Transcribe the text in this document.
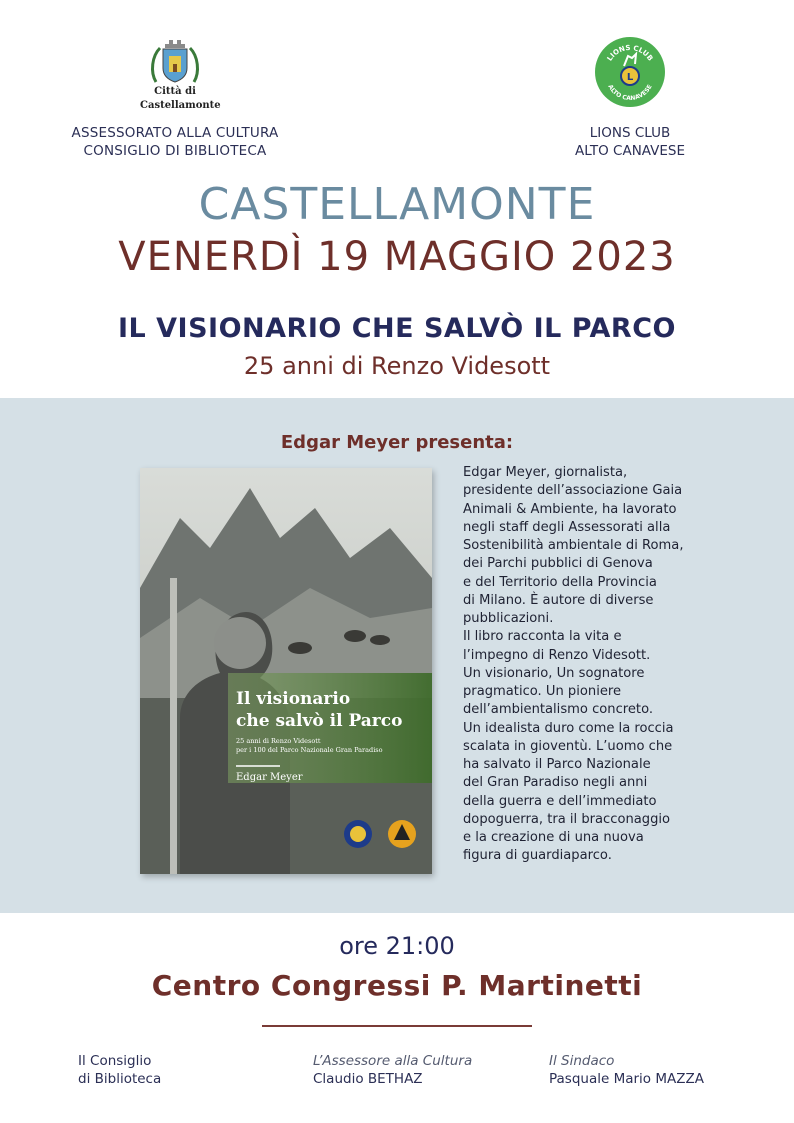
Città di
Castellamonte
ASSESSORATO ALLA CULTURA
CONSIGLIO DI BIBLIOTECA
LIONS CLUB
ALTO CANAVESE
L
LIONS CLUB
ALTO CANAVESE
CASTELLAMONTE
VENERDÌ 19 MAGGIO 2023
IL VISIONARIO CHE SALVÒ IL PARCO
25 anni di Renzo Videsott
Edgar Meyer presenta:
Il visionario
che salvò il Parco
25 anni di Renzo Videsott
per i 100 del Parco Nazionale Gran Paradiso
Edgar Meyer
Edgar Meyer, giornalista,
presidente dell’associazione Gaia
Animali & Ambiente, ha lavorato
negli staff degli Assessorati alla
Sostenibilità ambientale di Roma,
dei Parchi pubblici di Genova
e del Territorio della Provincia
di Milano. È autore di diverse
pubblicazioni.
Il libro racconta la vita e
l’impegno di Renzo Videsott.
Un visionario, Un sognatore
pragmatico. Un pioniere
dell’ambientalismo concreto.
Un idealista duro come la roccia
scalata in gioventù. L’uomo che
ha salvato il Parco Nazionale
del Gran Paradiso negli anni
della guerra e dell’immediato
dopoguerra, tra il bracconaggio
e la creazione di una nuova
figura di guardiaparco.
ore 21:00
Centro Congressi P. Martinetti
Il Consiglio
di Biblioteca
L’Assessore alla Cultura
Claudio BETHAZ
Il Sindaco
Pasquale Mario MAZZA
